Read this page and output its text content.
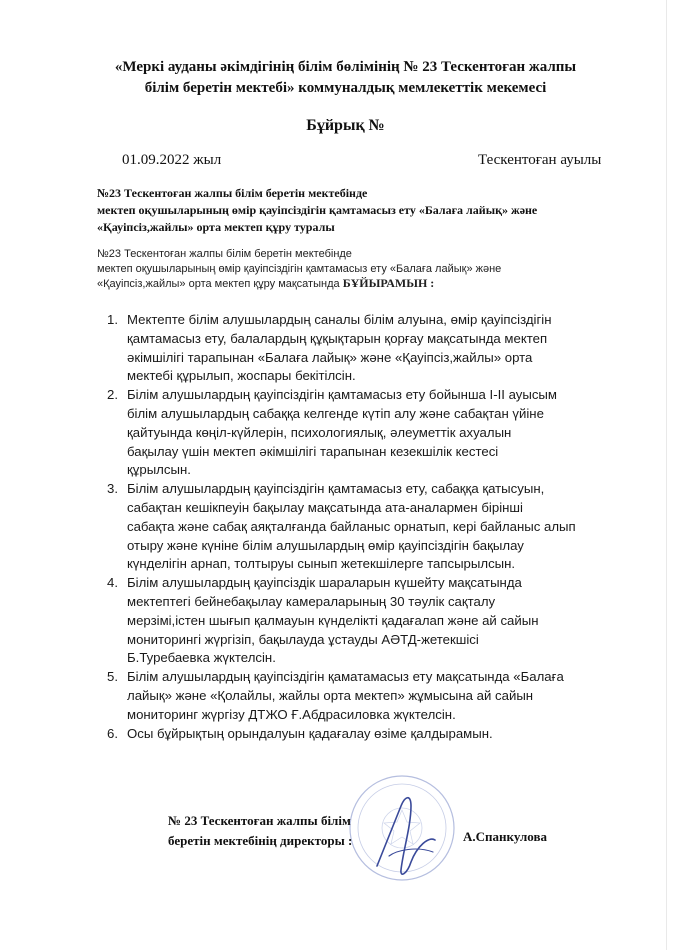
«Меркі ауданы әкімдігінің білім бөлімінің № 23 Тескентоған жалпы
білім беретін мектебі» коммуналдық мемлекеттік мекемесі
Бұйрық №
01.09.2022 жыл	Тескентоған ауылы
№23 Тескентоған жалпы білім беретін мектебінде
мектеп оқушыларының өмір қауіпсіздігін қамтамасыз ету «Балаға лайық» және
«Қауіпсіз,жайлы» орта мектеп құру туралы
№23 Тескентоған жалпы білім беретін мектебінде
мектеп оқушыларының өмір қауіпсіздігін қамтамасыз ету «Балаға лайық» және
«Қауіпсіз,жайлы» орта мектеп құру мақсатында БҰЙЫРАМЫН :
1. Мектепте білім алушылардың саналы білім алуына, өмір қауіпсіздігін
қамтамасыз ету, балалардың құқықтарын қорғау мақсатында мектеп
әкімшілігі тарапынан «Балаға лайық» және «Қауіпсіз,жайлы» орта
мектебі құрылып, жоспары бекітілсін.
2. Білім алушылардың қауіпсіздігін қамтамасыз ету бойынша І-ІІ ауысым
білім алушылардың сабаққа келгенде күтіп алу және сабақтан үйіне
қайтуында көңіл-күйлерін, психологиялық, әлеуметтік ахуалын
бақылау үшін мектеп әкімшілігі тарапынан кезекшілік кестесі
құрылсын.
3. Білім алушылардың қауіпсіздігін қамтамасыз ету, сабаққа қатысуын,
сабақтан кешікпеуін бақылау мақсатында ата-аналармен бірінші
сабақта және сабақ аяқталғанда байланыс орнатып, кері байланыс алып
отыру және күніне білім алушылардың өмір қауіпсіздігін бақылау
күнделігін арнап, толтыруы сынып жетекшілерге тапсырылсын.
4. Білім алушылардың қауіпсіздік шараларын күшейту мақсатында
мектептегі бейнебақылау камераларының 30 тәулік сақталу
мерзімі,істен шығып қалмауын күнделікті қадағалап және ай сайын
мониторингі жүргізіп, бақылауда ұстауды АӘТД-жетекшісі
Б.Туребаевка жүктелсін.
5. Білім алушылардың қауіпсіздігін қаматамасыз ету мақсатында «Балаға
лайық» және «Қолайлы, жайлы орта мектеп» жұмысына ай сайын
мониторинг жүргізу ДТЖО Ғ.Абдрасиловка жүктелсін.
6. Осы бұйрықтың орындалуын қадағалау өзіме қалдырамын.
№ 23 Тескентоған жалпы білім
беретін мектебінің директоры :	А.Спанкулова
